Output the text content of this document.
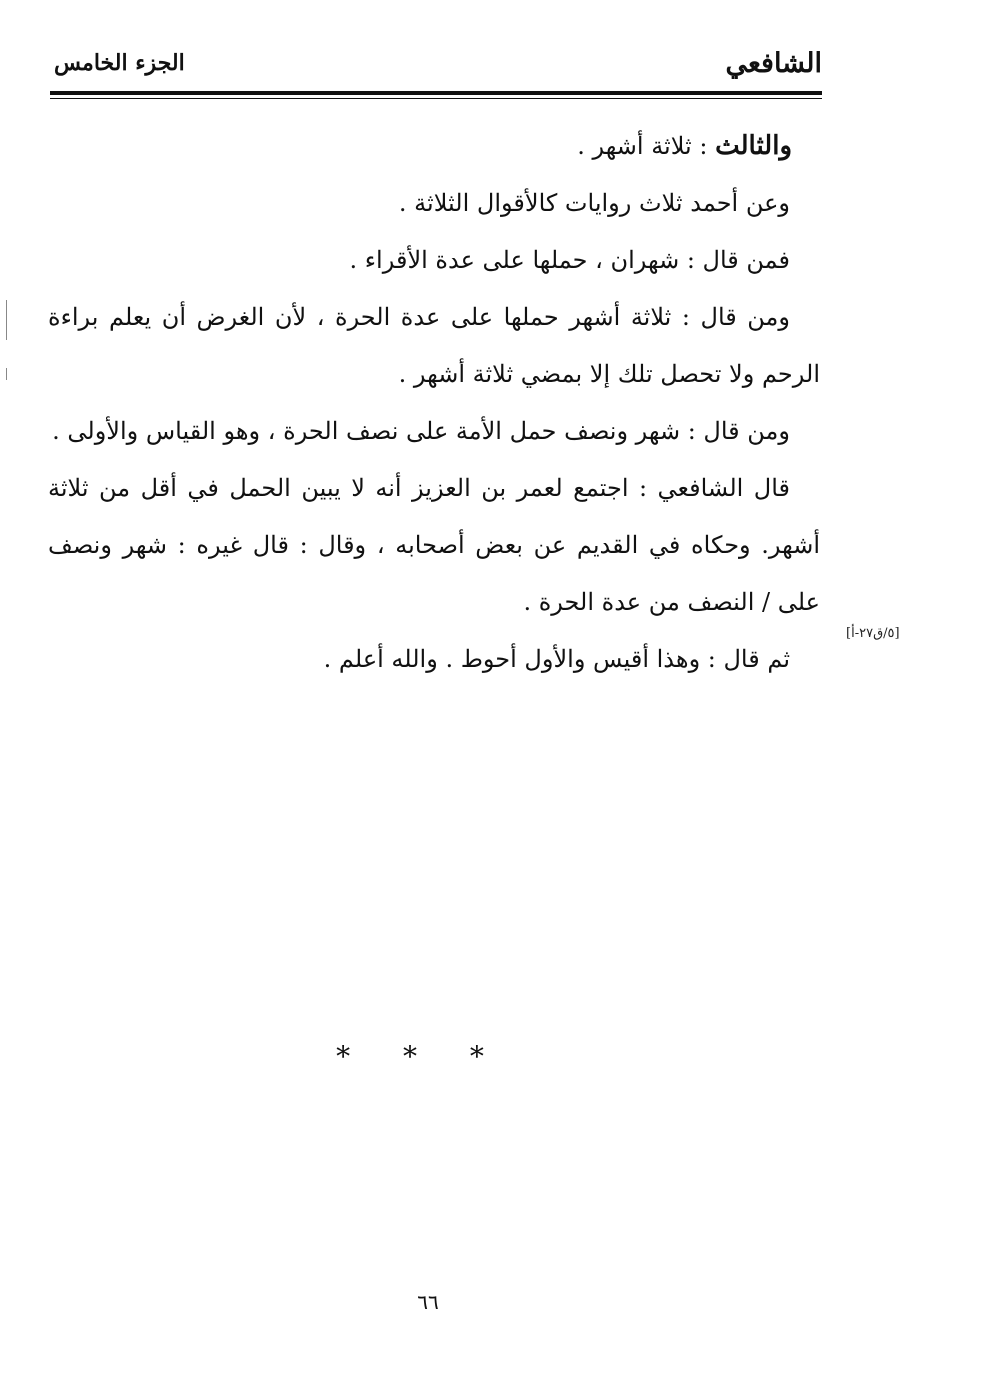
الشافعي
الجزء الخامس

والثالث : ثلاثة أشهر .

وعن أحمد ثلاث روايات كالأقوال الثلاثة .

فمن قال : شهران ، حملها على عدة الأقراء .

ومن قال : ثلاثة أشهر حملها على عدة الحرة ، لأن الغرض أن يعلم براءة الرحم ولا تحصل تلك إلا بمضي ثلاثة أشهر .

ومن قال : شهر ونصف حمل الأمة على نصف الحرة ، وهو القياس والأولى .

قال الشافعي : اجتمع لعمر بن العزيز أنه لا يبين الحمل في أقل من ثلاثة أشهر. وحكاه في القديم عن بعض أصحابه ، وقال : قال غيره : شهر ونصف على / النصف من عدة الحرة .

ثم قال : وهذا أقيس والأول أحوط . والله أعلم .

[٥/ق٢٧-أ]
* * *
٦٦
